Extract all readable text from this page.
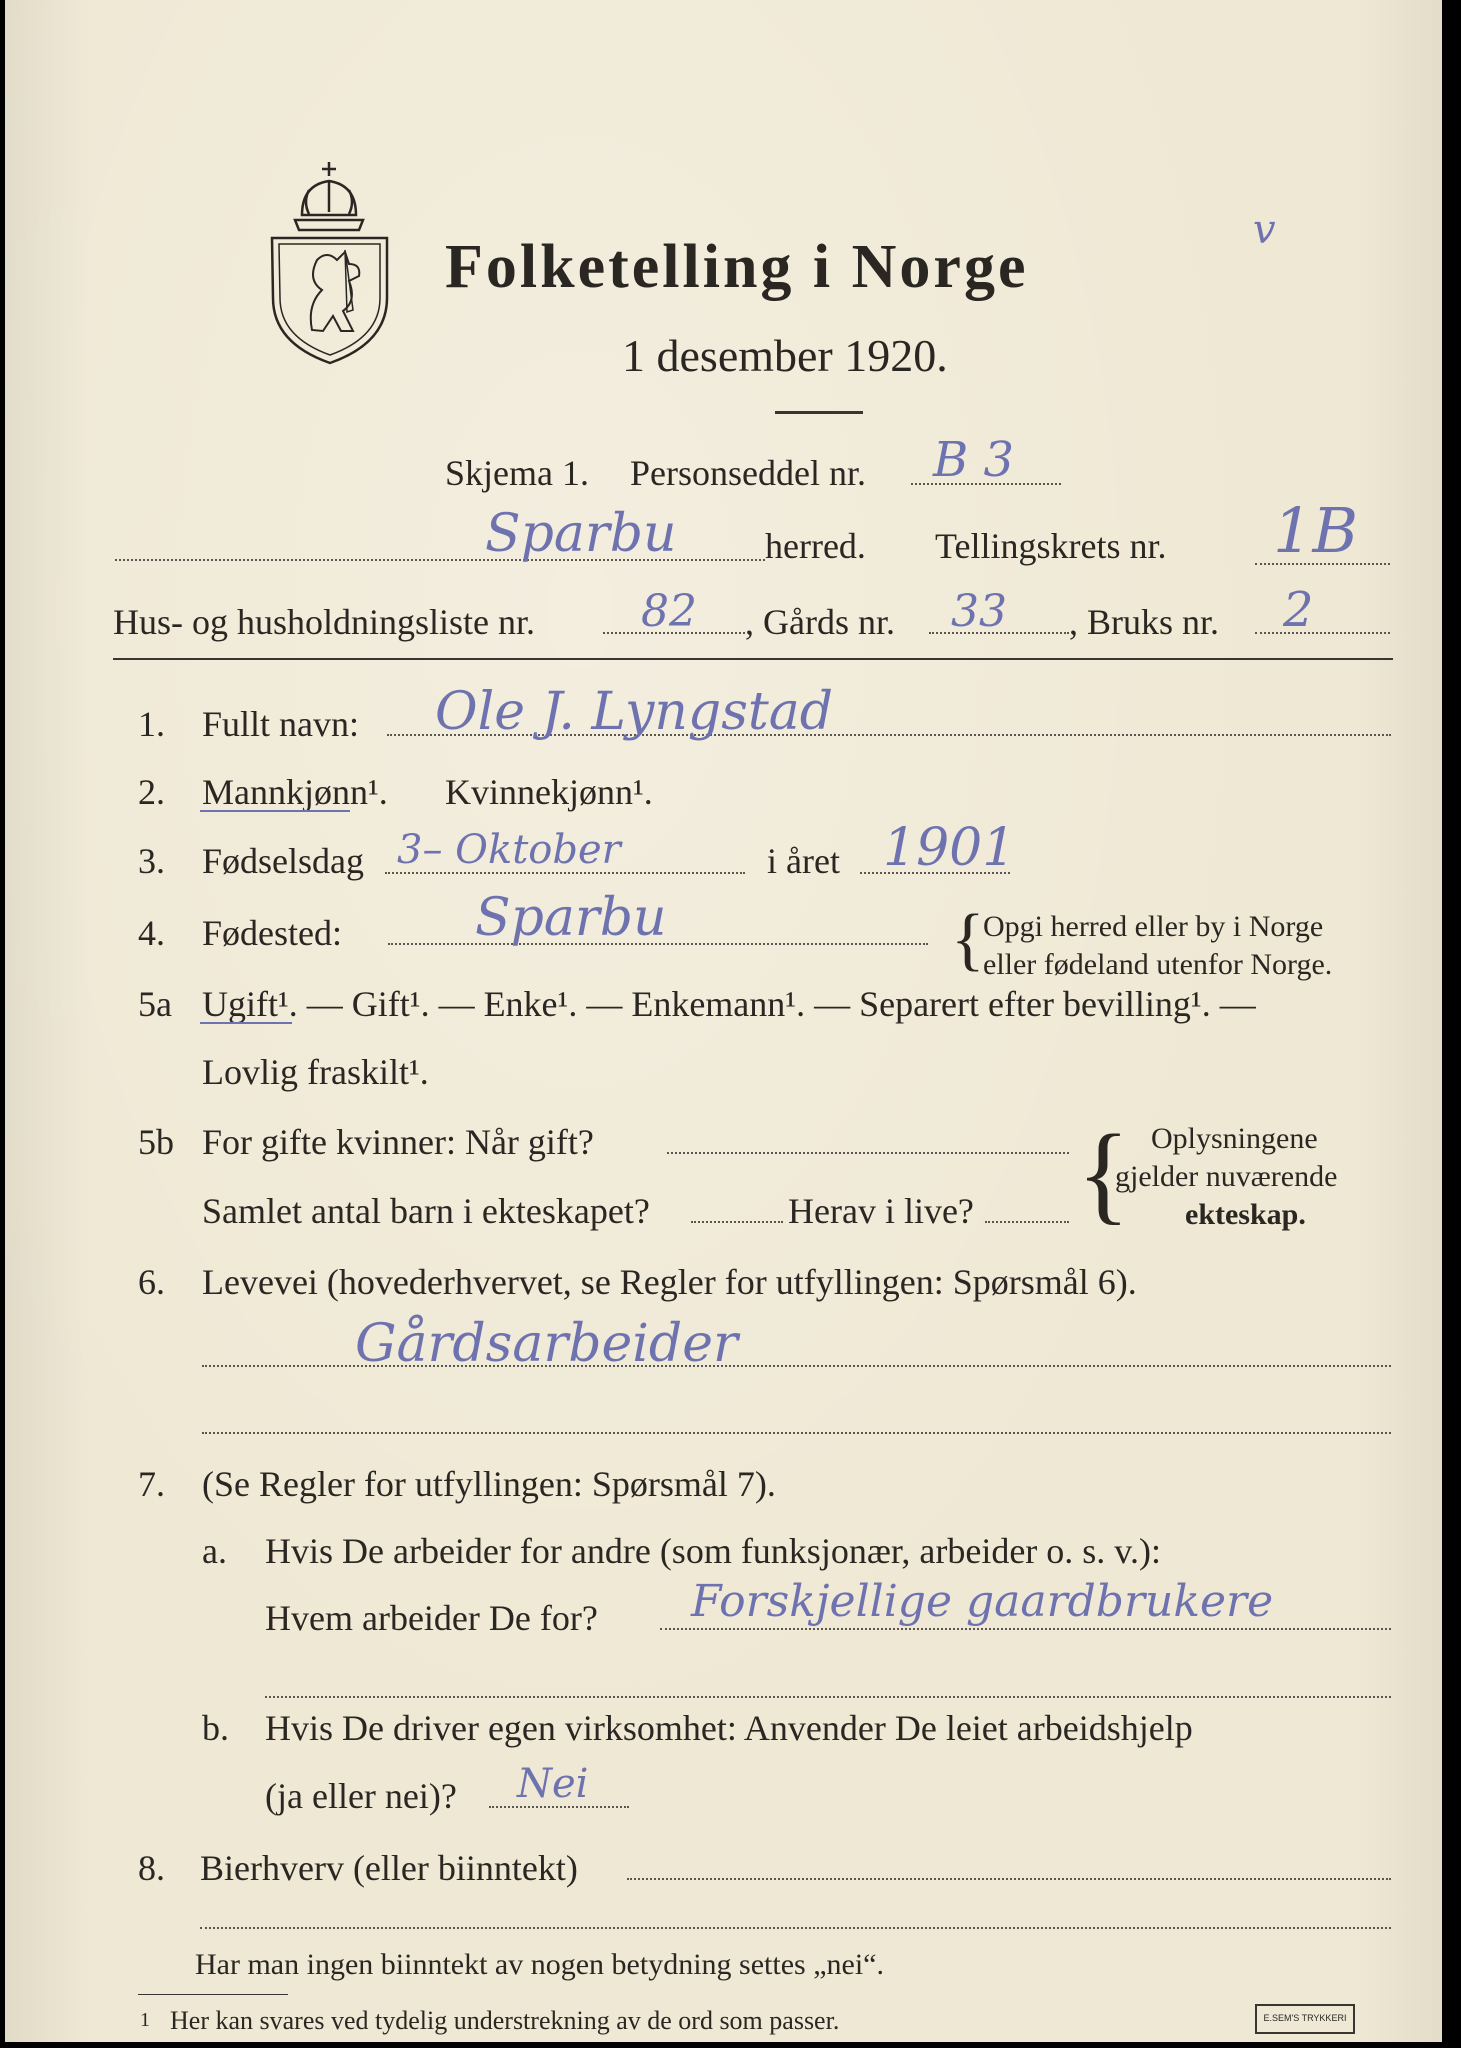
Folketelling i Norge
v
1 desember 1920.
Skjema 1. Personseddel nr. B 3
Sparbu herred. Tellingskrets nr. 1B
Hus- og husholdningsliste nr. 82 , Gårds nr. 33 , Bruks nr. 2
1. Fullt navn: Ole J. Lyngstad
2. Mannkjønn¹. Kvinnekjønn¹.
3. Fødselsdag 3– Oktober	i året 1901
4. Fødested:	Sparbu	{
Opgi herred eller by i Norge
eller fødeland utenfor Norge.
5a Ugift¹. — Gift¹. — Enke¹. — Enkemann¹. — Separert efter bevilling¹. —
Lovlig fraskilt¹.
5b For gifte kvinner: Når gift?
Samlet antal barn i ekteskapet?	Herav i live? { Oplysningene
gjelder nuværende
ekteskap.
6. Levevei (hovederhvervet, se Regler for utfyllingen: Spørsmål 6).
Gårdsarbeider
7. (Se Regler for utfyllingen: Spørsmål 7).
a. Hvis De arbeider for andre (som funksjonær, arbeider o. s. v.):
Hvem arbeider De for? Forskjellige gaardbrukere
b. Hvis De driver egen virksomhet: Anvender De leiet arbeidshjelp
(ja eller nei)? Nei
8. Bierhverv (eller biinntekt)
Har man ingen biinntekt av nogen betydning settes „nei“.
1 Her kan svares ved tydelig understrekning av de ord som passer.	E.SEM'S TRYKKERI
